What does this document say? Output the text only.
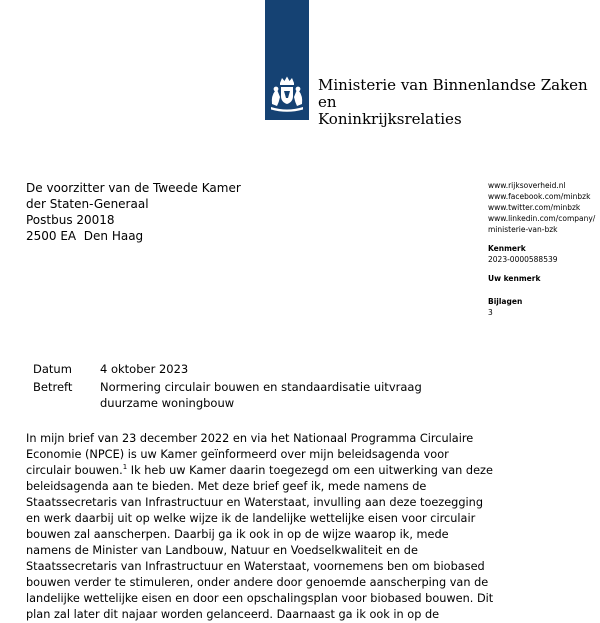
Ministerie van Binnenlandse Zaken en
Koninkrijksrelaties
De voorzitter van de Tweede Kamer
der Staten-Generaal
Postbus 20018
2500 EA  Den Haag
www.rijksoverheid.nl
www.facebook.com/minbzk
www.twitter.com/minbzk
www.linkedin.com/company/
ministerie-van-bzk
Kenmerk
2023-0000588539
Uw kenmerk
Bijlagen
3
Datum	4 oktober 2023
Betreft	Normering circulair bouwen en standaardisatie uitvraag duurzame woningbouw
In mijn brief van 23 december 2022 en via het Nationaal Programma Circulaire
Economie (NPCE) is uw Kamer geïnformeerd over mijn beleidsagenda voor
circulair bouwen.$^1$ Ik heb uw Kamer daarin toegezegd om een uitwerking van deze
beleidsagenda aan te bieden. Met deze brief geef ik, mede namens de
Staatssecretaris van Infrastructuur en Waterstaat, invulling aan deze toezegging
en werk daarbij uit op welke wijze ik de landelijke wettelijke eisen voor circulair
bouwen zal aanscherpen. Daarbij ga ik ook in op de wijze waarop ik, mede
namens de Minister van Landbouw, Natuur en Voedselkwaliteit en de
Staatssecretaris van Infrastructuur en Waterstaat, voornemens ben om biobased
bouwen verder te stimuleren, onder andere door genoemde aanscherping van de
landelijke wettelijke eisen en door een opschalingsplan voor biobased bouwen. Dit
plan zal later dit najaar worden gelanceerd. Daarnaast ga ik ook in op de
